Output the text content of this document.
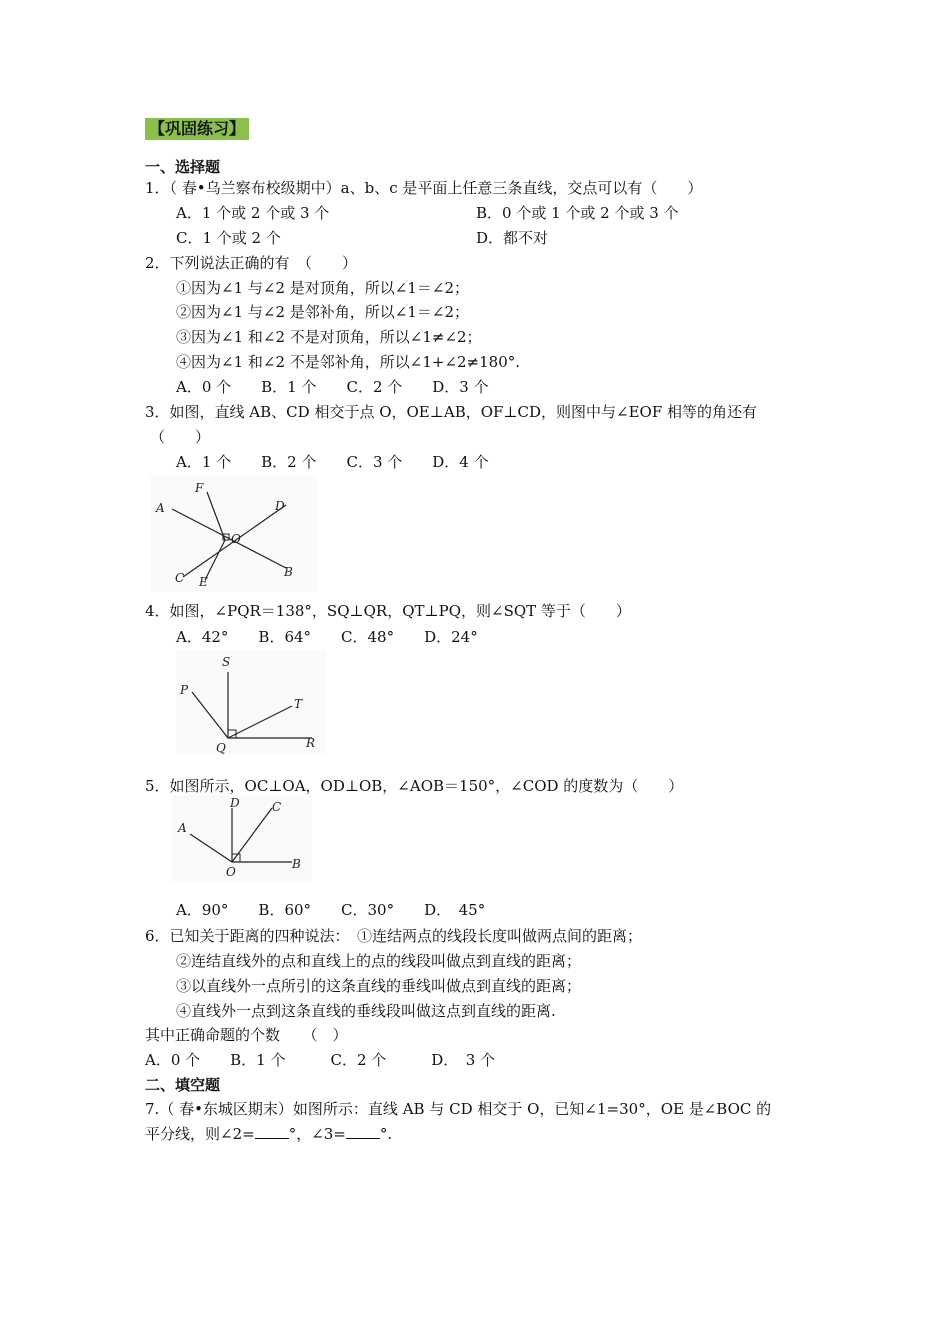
【巩固练习】
一、选择题
1．（ 春•乌兰察布校级期中）a、b、c 是平面上任意三条直线，交点可以有（　　）
A．1 个或 2 个或 3 个	B．0 个或 1 个或 2 个或 3 个
C．1 个或 2 个	D．都不对
2．下列说法正确的有　（　　）
①因为∠1 与∠2 是对顶角，所以∠1＝∠2；
②因为∠1 与∠2 是邻补角，所以∠1＝∠2；
③因为∠1 和∠2 不是对顶角，所以∠1≠∠2；
④因为∠1 和∠2 不是邻补角，所以∠1+∠2≠180°.
A．0 个　　B．1 个　　C．2 个　　D．3 个
3．如图，直线 AB、CD 相交于点 O，OE⊥AB，OF⊥CD，则图中与∠EOF 相等的角还有
（　　）
A．1 个　　B．2 个　　C．3 个　　D．4 个
A
B
C
D
E
F
O
4．如图，∠PQR＝138°，SQ⊥QR，QT⊥PQ，则∠SQT 等于（　　）
A．42°　　B．64°　　C．48°　　D．24°
S
P
T
Q	R
5．如图所示，OC⊥OA，OD⊥OB，∠AOB＝150°，∠COD 的度数为（　　）
D	C
A
B
O
A．90°　　B．60°　　C．30°　　D．　45°
6．已知关于距离的四种说法：　①连结两点的线段长度叫做两点间的距离；
②连结直线外的点和直线上的点的线段叫做点到直线的距离；
③以直线外一点所引的这条直线的垂线叫做点到直线的距离；
④直线外一点到这条直线的垂线段叫做这点到直线的距离.
其中正确命题的个数　　（　）
A．0 个　　B．1 个　　　C．2 个　　　D．　3 个
二、填空题
7.（ 春•东城区期末）如图所示：直线 AB 与 CD 相交于 O，已知∠1=30°，OE 是∠BOC 的
平分线，则∠2= °，∠3= °.
